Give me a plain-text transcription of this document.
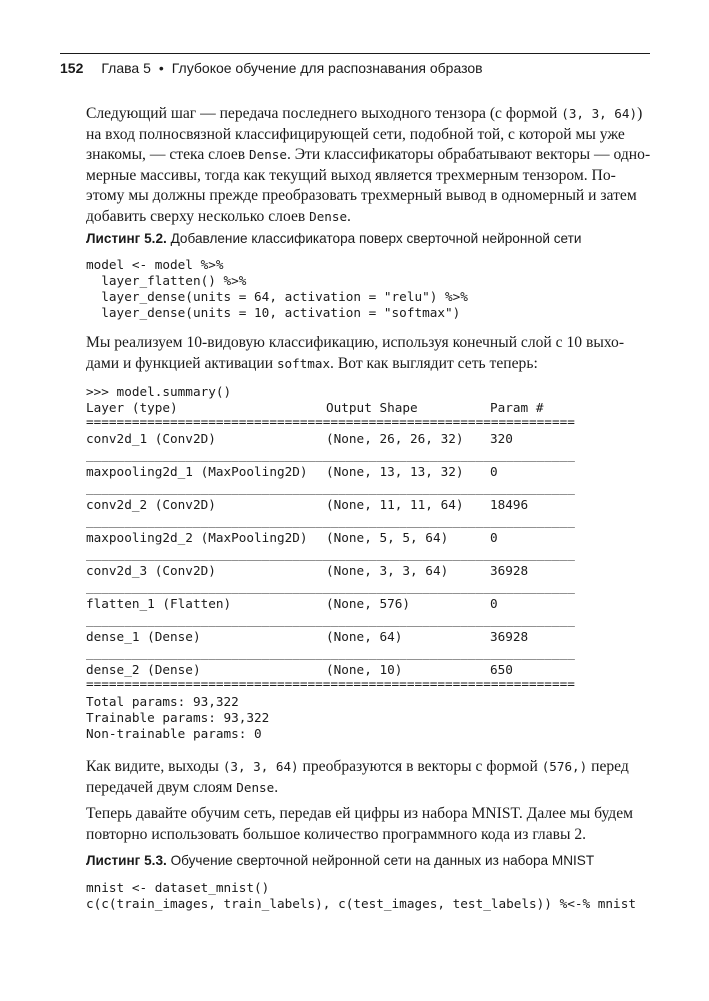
152 Глава 5 • Глубокое обучение для распознавания образов
Следующий шаг — передача последнего выходного тензора (с формой (3, 3, 64))
на вход полносвязной классифицирующей сети, подобной той, с которой мы уже
знакомы, — стека слоев Dense. Эти классификаторы обрабатывают векторы — одно-
мерные массивы, тогда как текущий выход является трехмерным тензором. По-
этому мы должны прежде преобразовать трехмерный вывод в одномерный и затем
добавить сверху несколько слоев Dense.
Листинг 5.2. Добавление классификатора поверх сверточной нейронной сети
model <- model %>%
layer_flatten() %>%
layer_dense(units = 64, activation = "relu") %>%
layer_dense(units = 10, activation = "softmax")
Мы реализуем 10-видовую классификацию, используя конечный слой с 10 выхо-
дами и функцией активации softmax. Вот как выглядит сеть теперь:
>>> model.summary()
Layer (type)	Output Shape	Param #
================================================================
conv2d_1 (Conv2D)	(None, 26, 26, 32) 320
________________________________________________________________
maxpooling2d_1 (MaxPooling2D) (None, 13, 13, 32) 0
________________________________________________________________
conv2d_2 (Conv2D)	(None, 11, 11, 64) 18496
________________________________________________________________
maxpooling2d_2 (MaxPooling2D) (None, 5, 5, 64)	0
________________________________________________________________
conv2d_3 (Conv2D)	(None, 3, 3, 64)	36928
________________________________________________________________
flatten_1 (Flatten)	(None, 576)	0
________________________________________________________________
dense_1 (Dense)	(None, 64)	36928
________________________________________________________________
dense_2 (Dense)	(None, 10)	650
================================================================
Total params: 93,322
Trainable params: 93,322
Non-trainable params: 0
Как видите, выходы (3, 3, 64) преобразуются в векторы с формой (576,) перед
передачей двум слоям Dense.
Теперь давайте обучим сеть, передав ей цифры из набора MNIST. Далее мы будем
повторно использовать большое количество программного кода из главы 2.
Листинг 5.3. Обучение сверточной нейронной сети на данных из набора MNIST
mnist <- dataset_mnist()
c(c(train_images, train_labels), c(test_images, test_labels)) %<-% mnist
